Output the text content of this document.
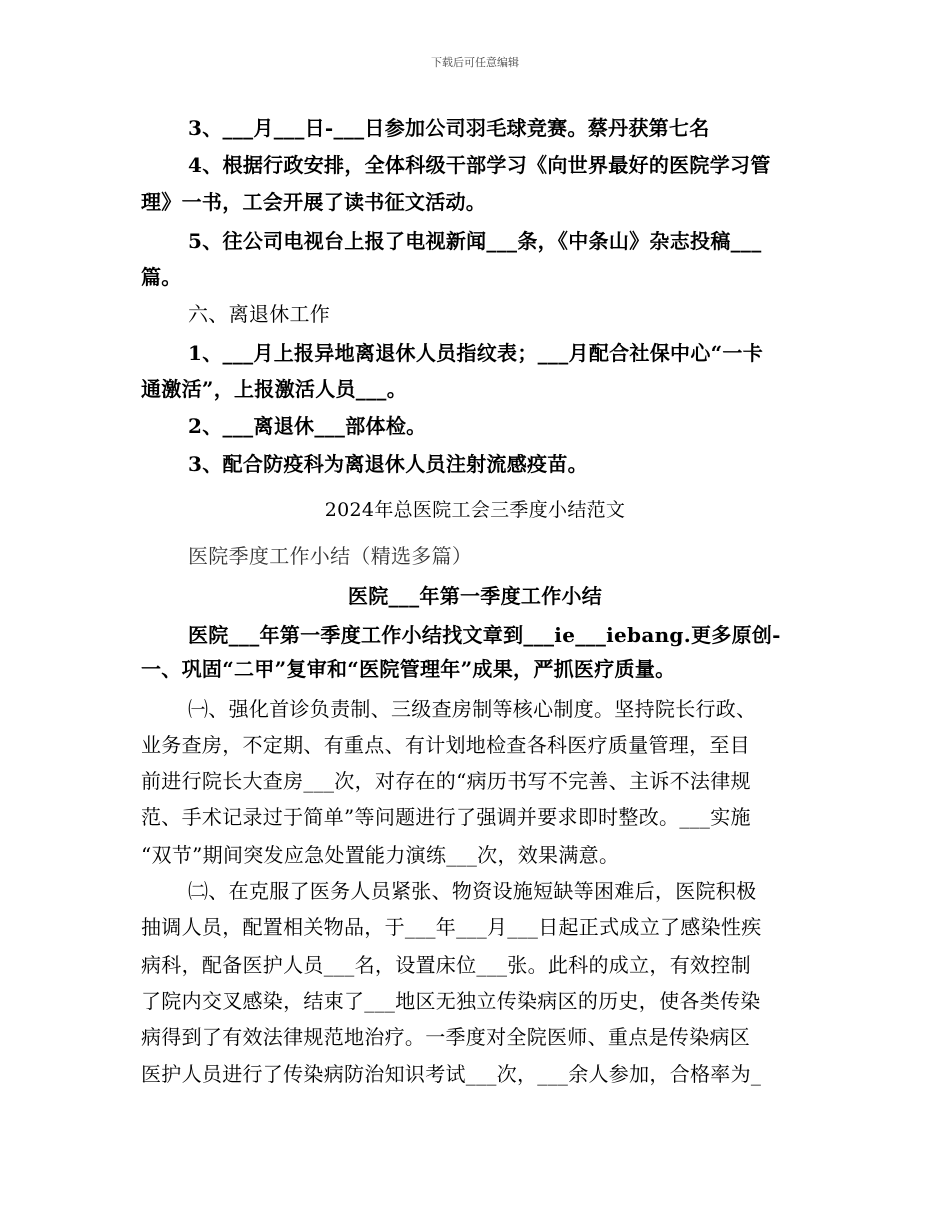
下载后可任意编辑
3、___月___日-___日参加公司羽毛球竞赛。蔡丹获第七名
4、根据行政安排，全体科级干部学习《向世界最好的医院学习管
理》一书，工会开展了读书征文活动。
5、往公司电视台上报了电视新闻___条，《中条山》杂志投稿___
篇。
六、离退休工作
1、___月上报异地离退休人员指纹表；___月配合社保中心“一卡
通激活”，上报激活人员___。
2、___离退休___部体检。
3、配合防疫科为离退休人员注射流感疫苗。
2024年总医院工会三季度小结范文
医院季度工作小结（精选多篇）
医院___年第一季度工作小结
医院___年第一季度工作小结找文章到___ie___iebang.更多原创-
一、巩固“二甲”复审和“医院管理年”成果，严抓医疗质量。
㈠、强化首诊负责制、三级查房制等核心制度。坚持院长行政、
业务查房，不定期、有重点、有计划地检查各科医疗质量管理，至目
前进行院长大查房___次，对存在的“病历书写不完善、主诉不法律规
范、手术记录过于简单”等问题进行了强调并要求即时整改。___实施
“双节”期间突发应急处置能力演练___次，效果满意。
㈡、在克服了医务人员紧张、物资设施短缺等困难后，医院积极
抽调人员，配置相关物品，于___年___月___日起正式成立了感染性疾
病科，配备医护人员___名，设置床位___张。此科的成立，有效控制
了院内交叉感染，结束了___地区无独立传染病区的历史，使各类传染
病得到了有效法律规范地治疗。一季度对全院医师、重点是传染病区
医护人员进行了传染病防治知识考试___次，___余人参加，合格率为_
